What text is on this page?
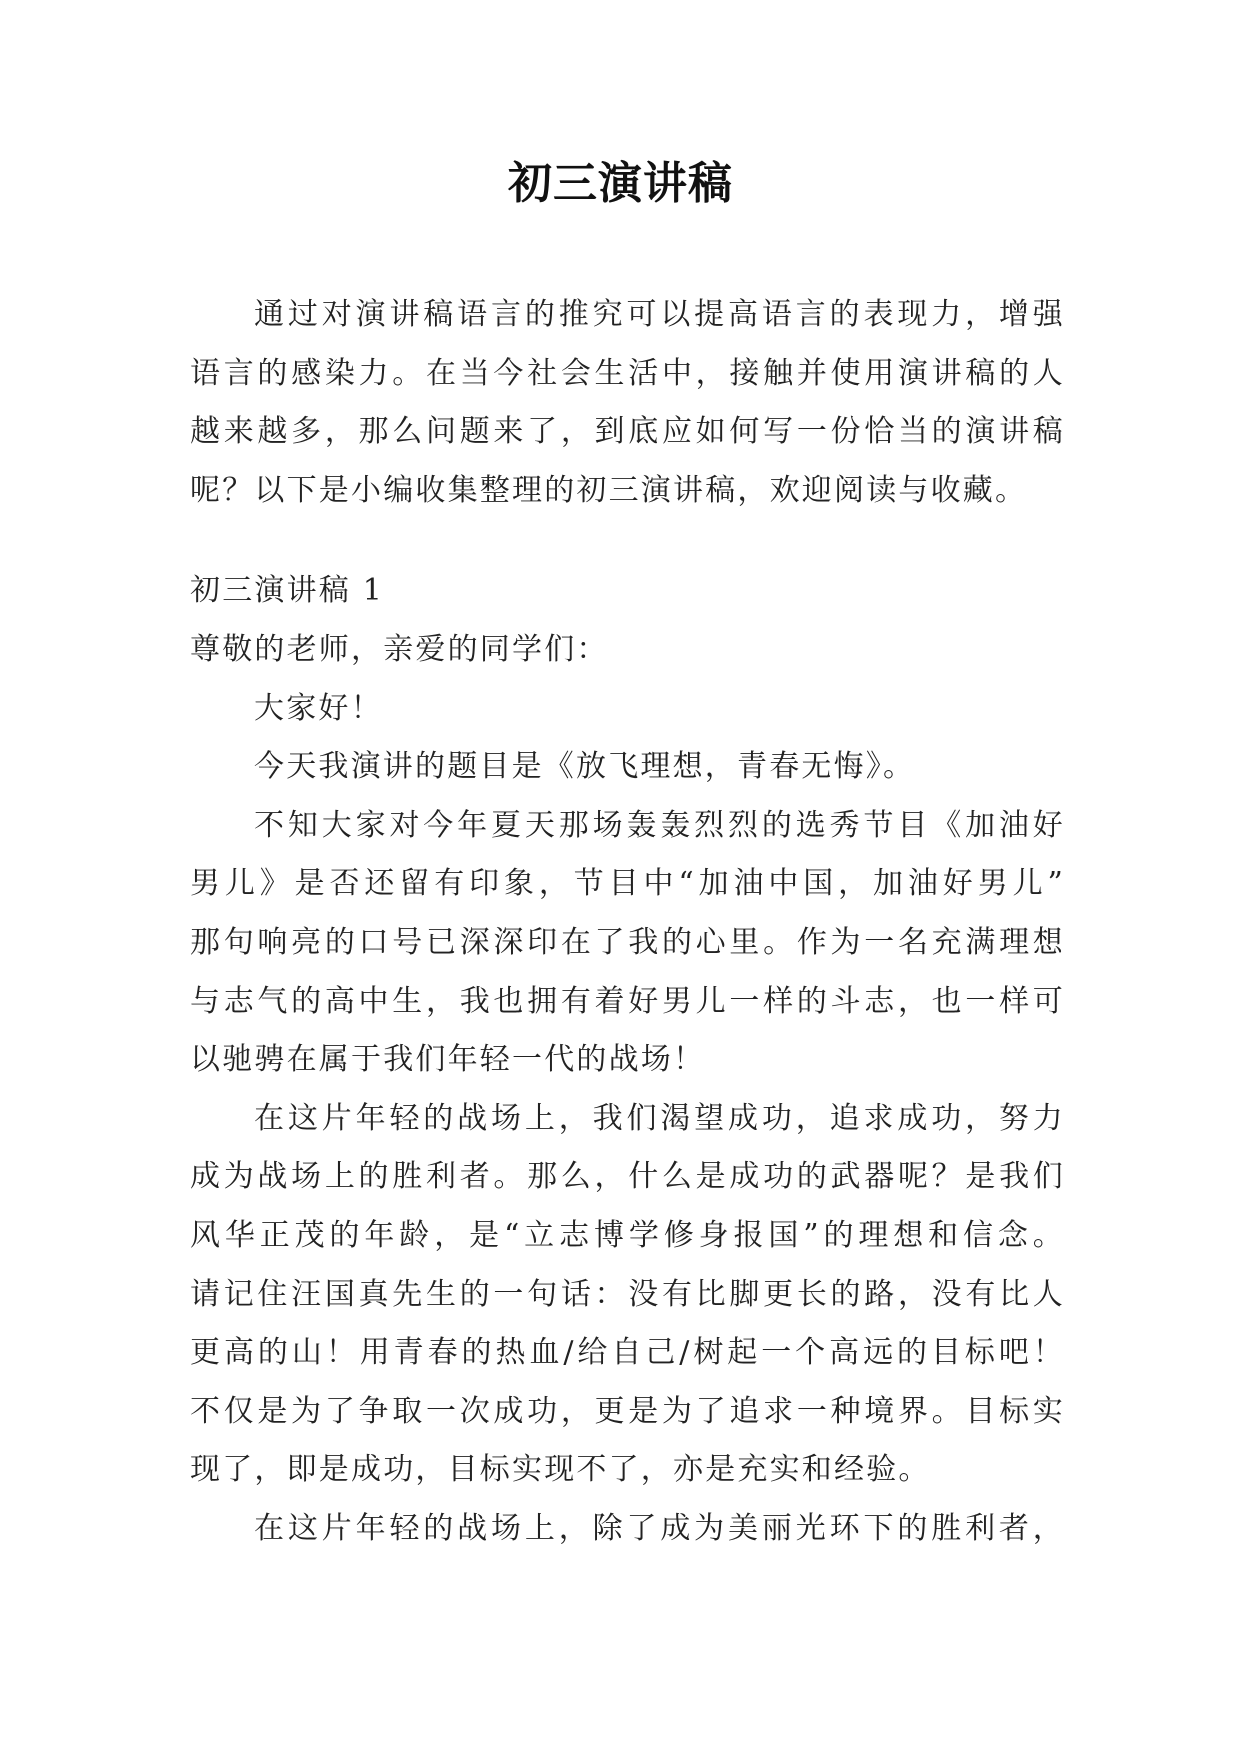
初三演讲稿
通过对演讲稿语言的推究可以提高语言的表现力，增强
语言的感染力。在当今社会生活中，接触并使用演讲稿的人
越来越多，那么问题来了，到底应如何写一份恰当的演讲稿
呢？以下是小编收集整理的初三演讲稿，欢迎阅读与收藏。
初三演讲稿 1
尊敬的老师，亲爱的同学们：
大家好！
今天我演讲的题目是《放飞理想，青春无悔》。
不知大家对今年夏天那场轰轰烈烈的选秀节目《加油好
男儿》是否还留有印象，节目中“加油中国，加油好男儿”
那句响亮的口号已深深印在了我的心里。作为一名充满理想
与志气的高中生，我也拥有着好男儿一样的斗志，也一样可
以驰骋在属于我们年轻一代的战场！
在这片年轻的战场上，我们渴望成功，追求成功，努力
成为战场上的胜利者。那么，什么是成功的武器呢？是我们
风华正茂的年龄，是“立志博学修身报国”的理想和信念。
请记住汪国真先生的一句话：没有比脚更长的路，没有比人
更高的山！用青春的热血/给自己/树起一个高远的目标吧！
不仅是为了争取一次成功，更是为了追求一种境界。目标实
现了，即是成功，目标实现不了，亦是充实和经验。
在这片年轻的战场上，除了成为美丽光环下的胜利者，
